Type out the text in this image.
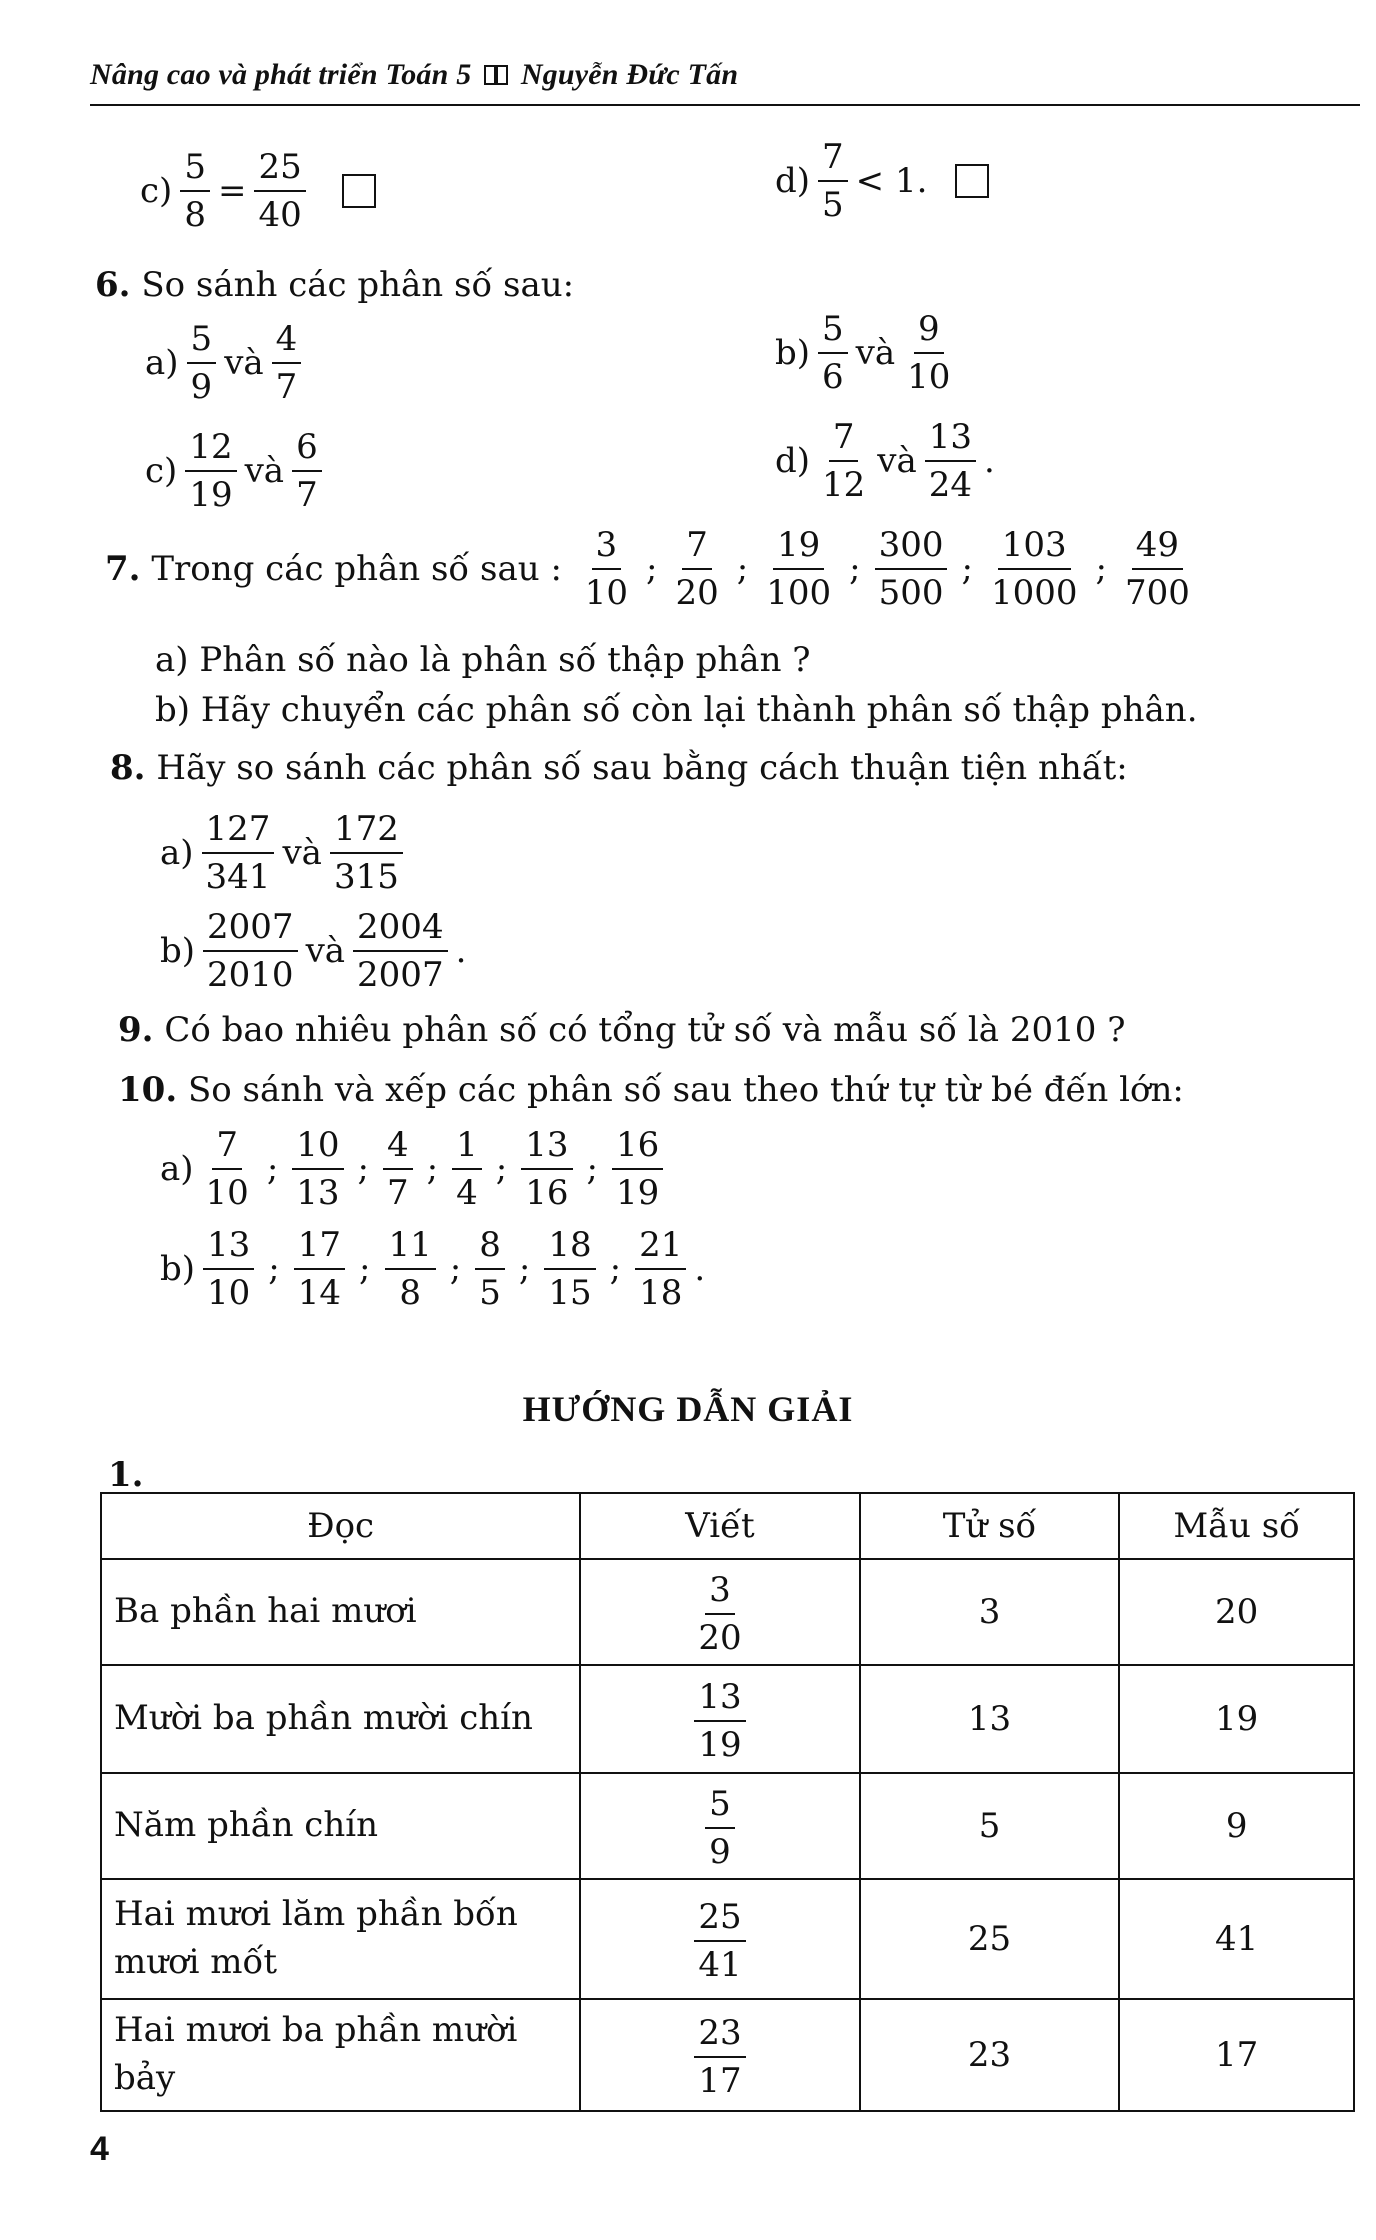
Nâng cao và phát triển Toán 5 Nguyễn Đức Tấn
$c) \frac{5}{8} = \frac{25}{40}$	$d) \frac{7}{5} < 1$.
6.
So sánh các phân số sau:
$a) \frac{5}{9}$ và $\frac{4}{7}$	$b) \frac{5}{6}$ và $\frac{9}{10}$
$c) \frac{12}{19}$ và $\frac{6}{7}$	$d) \frac{7}{12}$ và $\frac{13}{24}$ .
7.
Trong các phân số sau :
$\frac{3}{10}$ ; $\frac{7}{20}$ ; $\frac{19}{100}$ ; $\frac{300}{500}$ ; $\frac{103}{1000}$ ; $\frac{49}{700}$
a) Phân số nào là phân số thập phân ?
b) Hãy chuyển các phân số còn lại thành phân số thập phân.
8.
Hãy so sánh các phân số sau bằng cách thuận tiện nhất:
$a) \frac{127}{341}$ và $\frac{172}{315}$
$b) \frac{2007}{2010}$ và $\frac{2004}{2007}$ .
9.
Có bao nhiêu phân số có tổng tử số và mẫu số là 2010 ?
10.
So sánh và xếp các phân số sau theo thứ tự từ bé đến lớn:
$a) \frac{7}{10}$ ; $\frac{10}{13}$ ; $\frac{4}{7}$ ; $\frac{1}{4}$ ; $\frac{13}{16}$ ; $\frac{16}{19}$
$b) \frac{13}{10}$ ; $\frac{17}{14}$ ; $\frac{11}{8}$ ; $\frac{8}{5}$ ; $\frac{18}{15}$ ; $\frac{21}{18}$ .
HƯỚNG DẪN GIẢI
1.
Đọc	Viết	Tử số	Mẫu số
Ba phần hai mươi	$\frac{3}{20}$	3	20
Mười ba phần mười chín	$\frac{13}{19}$	13	19
Năm phần chín	$\frac{5}{9}$	5	9
Hai mươi lăm phần bốn mươi mốt	$\frac{25}{41}$	25	41
Hai mươi ba phần mười bảy	$\frac{23}{17}$	23	17
4
